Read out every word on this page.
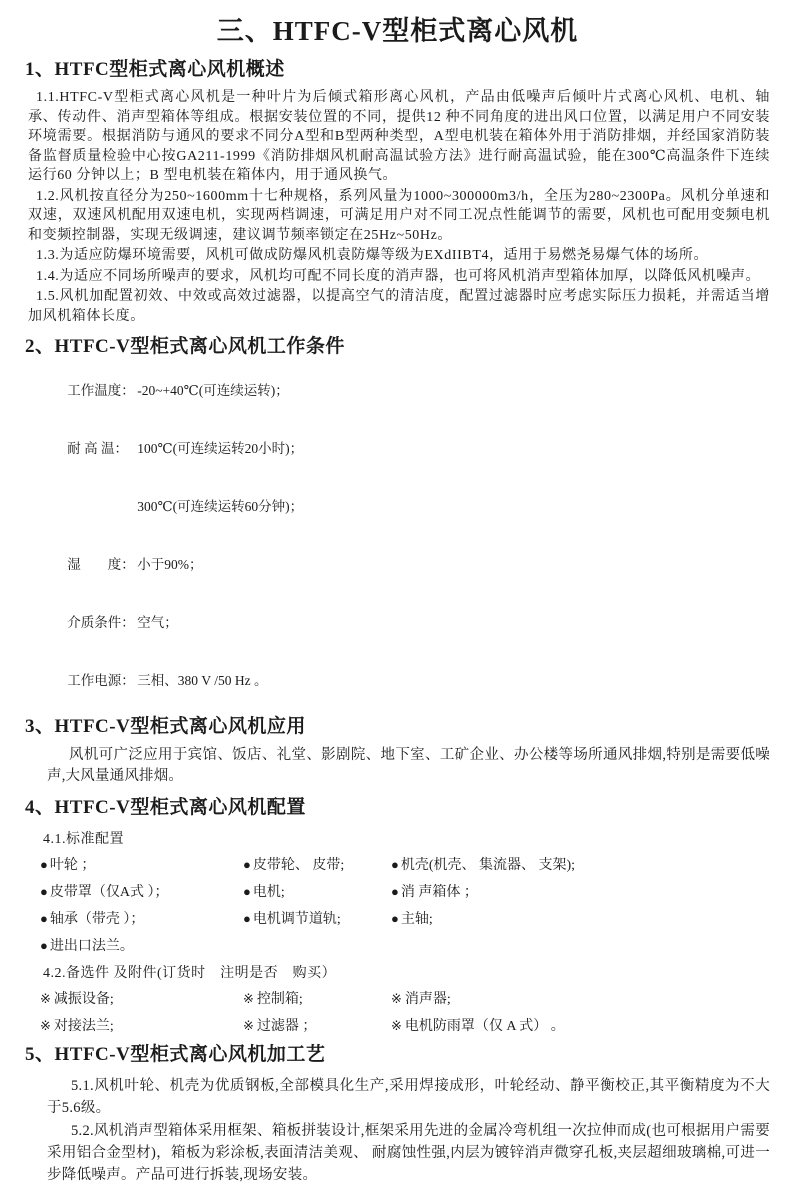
三、HTFC-V型柜式离心风机
1、HTFC型柜式离心风机概述

1.1.HTFC-V型柜式离心风机是一种叶片为后倾式箱形离心风机，产品由低噪声后倾叶片式离心风机、电机、轴承、传动件、消声型箱体等组成。根据安装位置的不同，提供12 种不同角度的进出风口位置，以满足用户不同安装环境需要。根据消防与通风的要求不同分A型和B型两种类型，A型电机装在箱体外用于消防排烟，并经国家消防装备监督质量检验中心按GA211-1999《消防排烟风机耐高温试验方法》进行耐高温试验，能在300℃高温条件下连续运行60 分钟以上；B 型电机装在箱体内，用于通风换气。

1.2.风机按直径分为250~1600mm十七种规格，系列风量为1000~300000m3/h，全压为280~2300Pa。风机分单速和双速，双速风机配用双速电机，实现两档调速，可满足用户对不同工况点性能调节的需要，风机也可配用变频电机和变频控制器，实现无级调速，建议调节频率锁定在25Hz~50Hz。

1.3.为适应防爆环境需要，风机可做成防爆风机袁防爆等级为EXdIIBT4，适用于易燃尧易爆气体的场所。

1.4.为适应不同场所噪声的要求，风机均可配不同长度的消声器，也可将风机消声型箱体加厚，以降低风机噪声。

1.5.风机加配置初效、中效或高效过滤器，以提高空气的清洁度，配置过滤器时应考虑实际压力损耗，并需适当增加风机箱体长度。

2、HTFC-V型柜式离心风机工作条件

工作温度： -20~+40℃(可连续运转)；

耐 高 温： 100℃(可连续运转20小时)；

300℃(可连续运转60分钟)；

湿　　度： 小于90%；

介质条件： 空气；

工作电源： 三相、380 V /50 Hz 。

3、HTFC-V型柜式离心风机应用

风机可广泛应用于宾馆、饭店、礼堂、影剧院、地下室、工矿企业、办公楼等场所通风排烟,特别是需要低噪声,大风量通风排烟。

4、HTFC-V型柜式离心风机配置
4.1.标准配置
● 叶轮 ；	● 皮带轮、 皮带;	● 机壳(机壳、 集流器、 支架);
● 皮带罩（仅A式 ）；	● 电机;	● 消 声箱体 ；
● 轴承（带壳 ）；	● 电机调节道轨;	● 主轴;
● 进出口法兰。
4.2.备选件 及附件(订货时　注明是否　购买）
※ 减振设备;	※ 控制箱;	※ 消声器;
※ 对接法兰;	※ 过滤器 ；	※ 电机防雨罩（仅 A 式） 。
5、HTFC-V型柜式离心风机加工艺

5.1.风机叶轮、机壳为优质钢板,全部模具化生产,采用焊接成形，叶轮经动、静平衡校正,其平衡精度为不大于5.6级。

5.2.风机消声型箱体采用框架、箱板拼装设计,框架采用先进的金属冷弯机组一次拉伸而成(也可根据用户需要采用铝合金型材)，箱板为彩涂板,表面清洁美观、 耐腐蚀性强,内层为镀锌消声微穿孔板,夹层超细玻璃棉,可进一步降低噪声。产品可进行拆装,现场安装。
